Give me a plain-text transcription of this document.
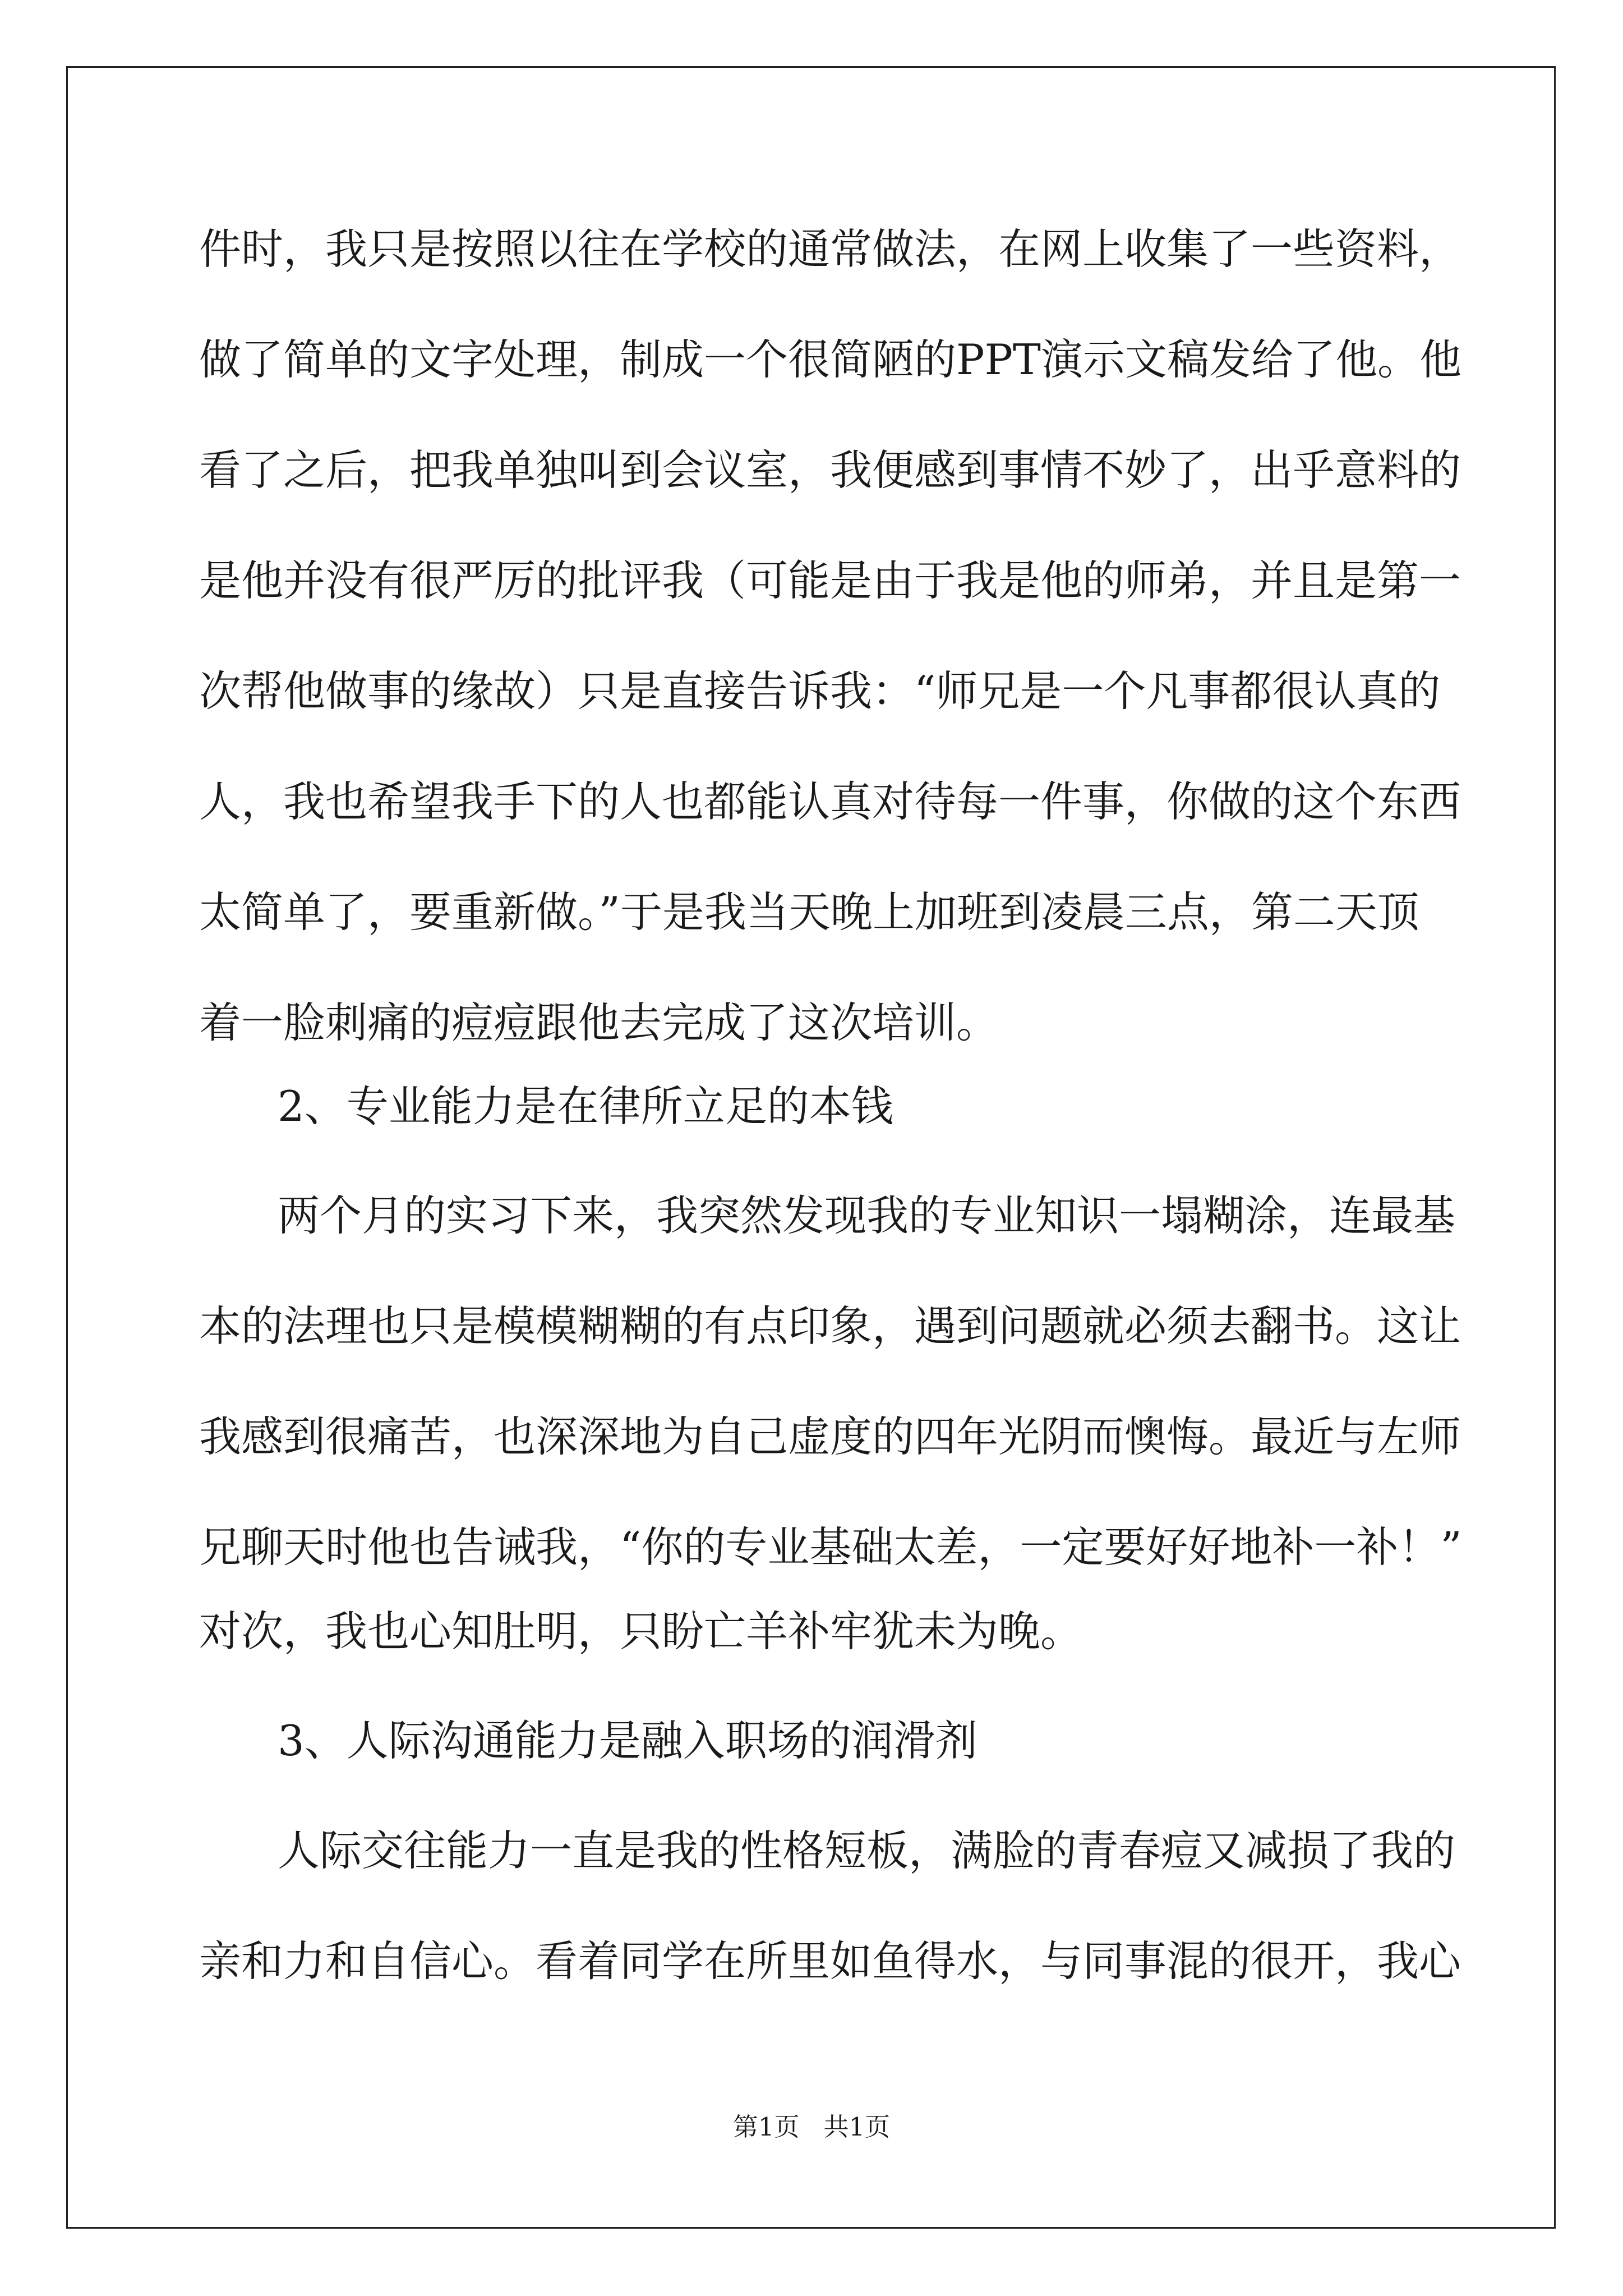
件时，我只是按照以往在学校的通常做法，在网上收集了一些资料，
做了简单的文字处理，制成一个很简陋的PPT演示文稿发给了他。他
看了之后，把我单独叫到会议室，我便感到事情不妙了，出乎意料的
是他并没有很严厉的批评我（可能是由于我是他的师弟，并且是第一
次帮他做事的缘故）只是直接告诉我：“师兄是一个凡事都很认真的
人，我也希望我手下的人也都能认真对待每一件事，你做的这个东西
太简单了，要重新做。”于是我当天晚上加班到凌晨三点，第二天顶
着一脸刺痛的痘痘跟他去完成了这次培训。
2、专业能力是在律所立足的本钱
两个月的实习下来，我突然发现我的专业知识一塌糊涂，连最基
本的法理也只是模模糊糊的有点印象，遇到问题就必须去翻书。这让
我感到很痛苦，也深深地为自己虚度的四年光阴而懊悔。最近与左师
兄聊天时他也告诫我，“你的专业基础太差，一定要好好地补一补！”
对次，我也心知肚明，只盼亡羊补牢犹未为晚。
3、人际沟通能力是融入职场的润滑剂
人际交往能力一直是我的性格短板，满脸的青春痘又减损了我的
亲和力和自信心。看着同学在所里如鱼得水，与同事混的很开，我心
第1页   共1页
